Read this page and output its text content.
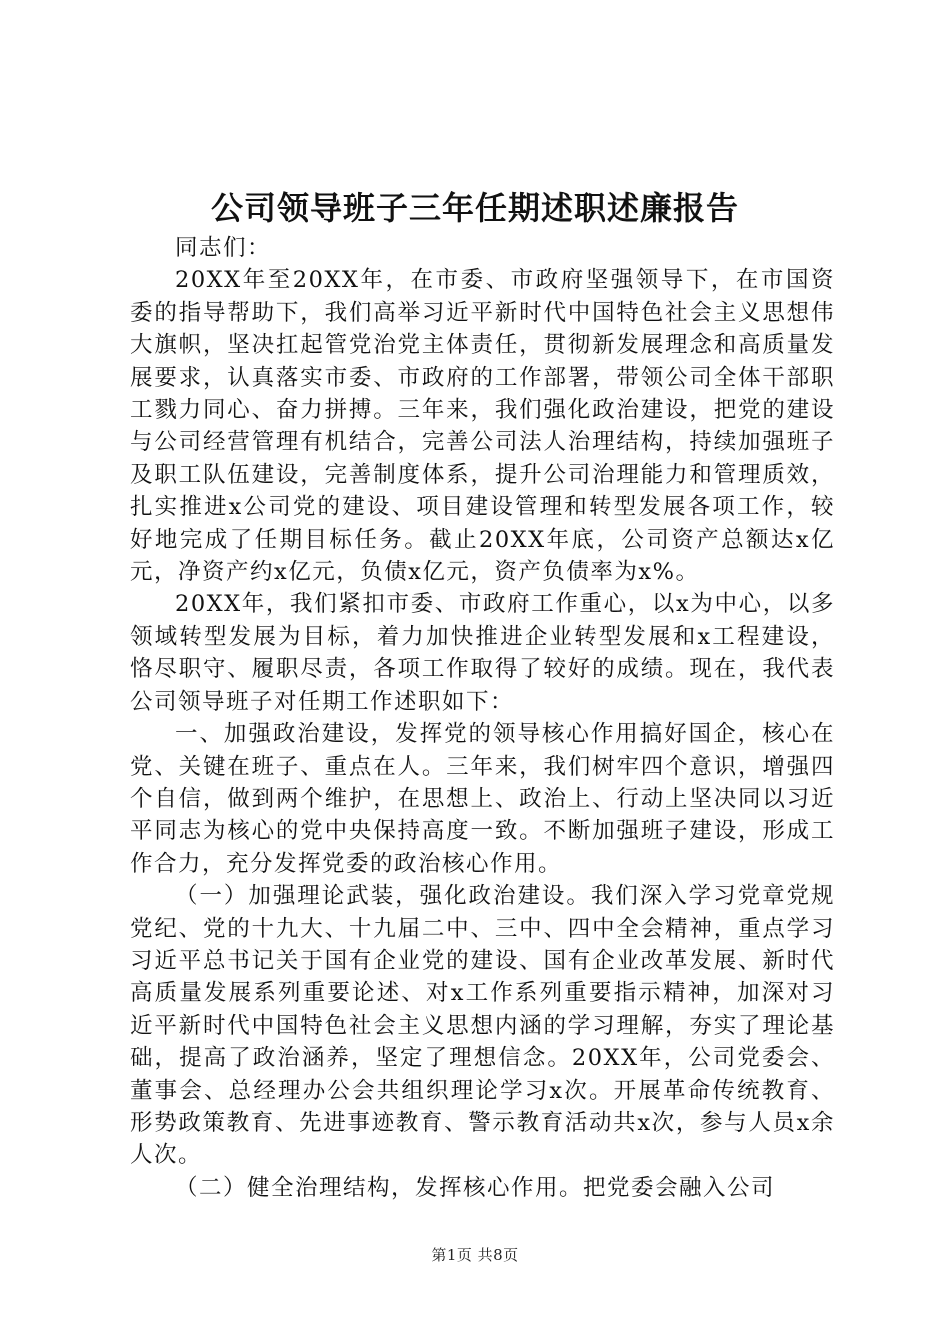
公司领导班子三年任期述职述廉报告

同志们：

20XX年至20XX年，在市委、市政府坚强领导下，在市国资委的指导帮助下，我们高举习近平新时代中国特色社会主义思想伟大旗帜，坚决扛起管党治党主体责任，贯彻新发展理念和高质量发展要求，认真落实市委、市政府的工作部署，带领公司全体干部职工戮力同心、奋力拼搏。三年来，我们强化政治建设，把党的建设与公司经营管理有机结合，完善公司法人治理结构，持续加强班子及职工队伍建设，完善制度体系，提升公司治理能力和管理质效，扎实推进x公司党的建设、项目建设管理和转型发展各项工作，较好地完成了任期目标任务。截止20XX年底，公司资产总额达x亿元，净资产约x亿元，负债x亿元，资产负债率为x%。

20XX年，我们紧扣市委、市政府工作重心，以x为中心，以多领域转型发展为目标，着力加快推进企业转型发展和x工程建设，恪尽职守、履职尽责，各项工作取得了较好的成绩。现在，我代表公司领导班子对任期工作述职如下：

一、加强政治建设，发挥党的领导核心作用搞好国企，核心在党、关键在班子、重点在人。三年来，我们树牢四个意识，增强四个自信，做到两个维护，在思想上、政治上、行动上坚决同以习近平同志为核心的党中央保持高度一致。不断加强班子建设，形成工作合力，充分发挥党委的政治核心作用。

（一）加强理论武装，强化政治建设。我们深入学习党章党规党纪、党的十九大、十九届二中、三中、四中全会精神，重点学习习近平总书记关于国有企业党的建设、国有企业改革发展、新时代高质量发展系列重要论述、对x工作系列重要指示精神，加深对习近平新时代中国特色社会主义思想内涵的学习理解，夯实了理论基础，提高了政治涵养，坚定了理想信念。20XX年，公司党委会、董事会、总经理办公会共组织理论学习x次。开展革命传统教育、形势政策教育、先进事迹教育、警示教育活动共x次，参与人员x余人次。

（二）健全治理结构，发挥核心作用。把党委会融入公司

第1页 共8页
